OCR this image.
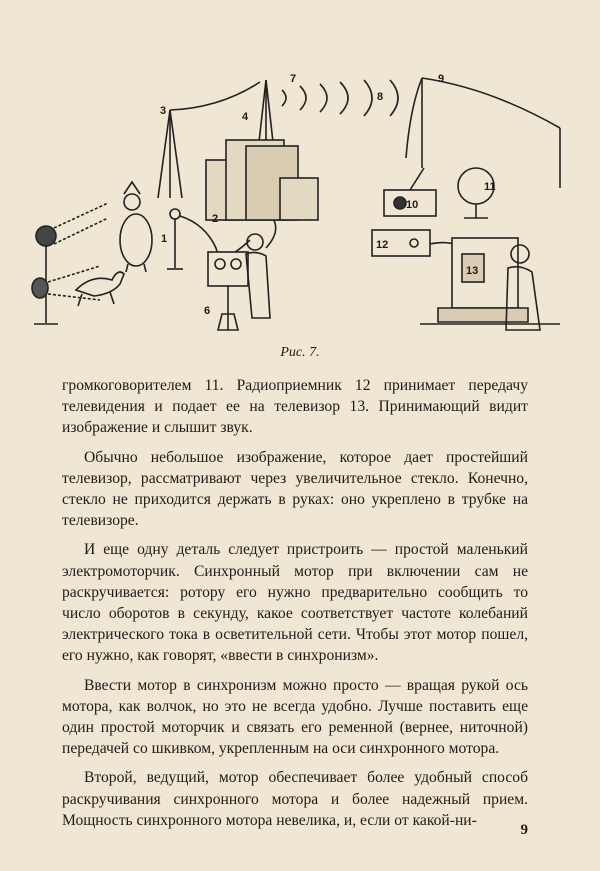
1
2
3	4
6
7
8
9
10
11
12
13
Рис. 7.

громкоговорителем 11. Радиоприемник 12 принимает передачу телевидения и подает ее на телевизор 13. Принимающий видит изображение и слышит звук.

Обычно небольшое изображение, которое дает простейший телевизор, рассматривают через увеличительное стекло. Конечно, стекло не приходится держать в руках: оно укреплено в трубке на телевизоре.

И еще одну деталь следует пристроить — простой маленький электромоторчик. Синхронный мотор при включении сам не раскручивается: ротору его нужно предварительно сообщить то число оборотов в секунду, какое соответствует частоте колебаний электрического тока в осветительной сети. Чтобы этот мотор пошел, его нужно, как говорят, «ввести в синхронизм».

Ввести мотор в синхронизм можно просто — вращая рукой ось мотора, как волчок, но это не всегда удобно. Лучше поставить еще один простой моторчик и связать его ременной (вернее, ниточной) передачей со шкивком, укрепленным на оси синхронного мотора.

Второй, ведущий, мотор обеспечивает более удобный способ раскручивания синхронного мотора и более надежный прием. Мощность синхронного мотора невелика, и, если от какой-ни-

9
